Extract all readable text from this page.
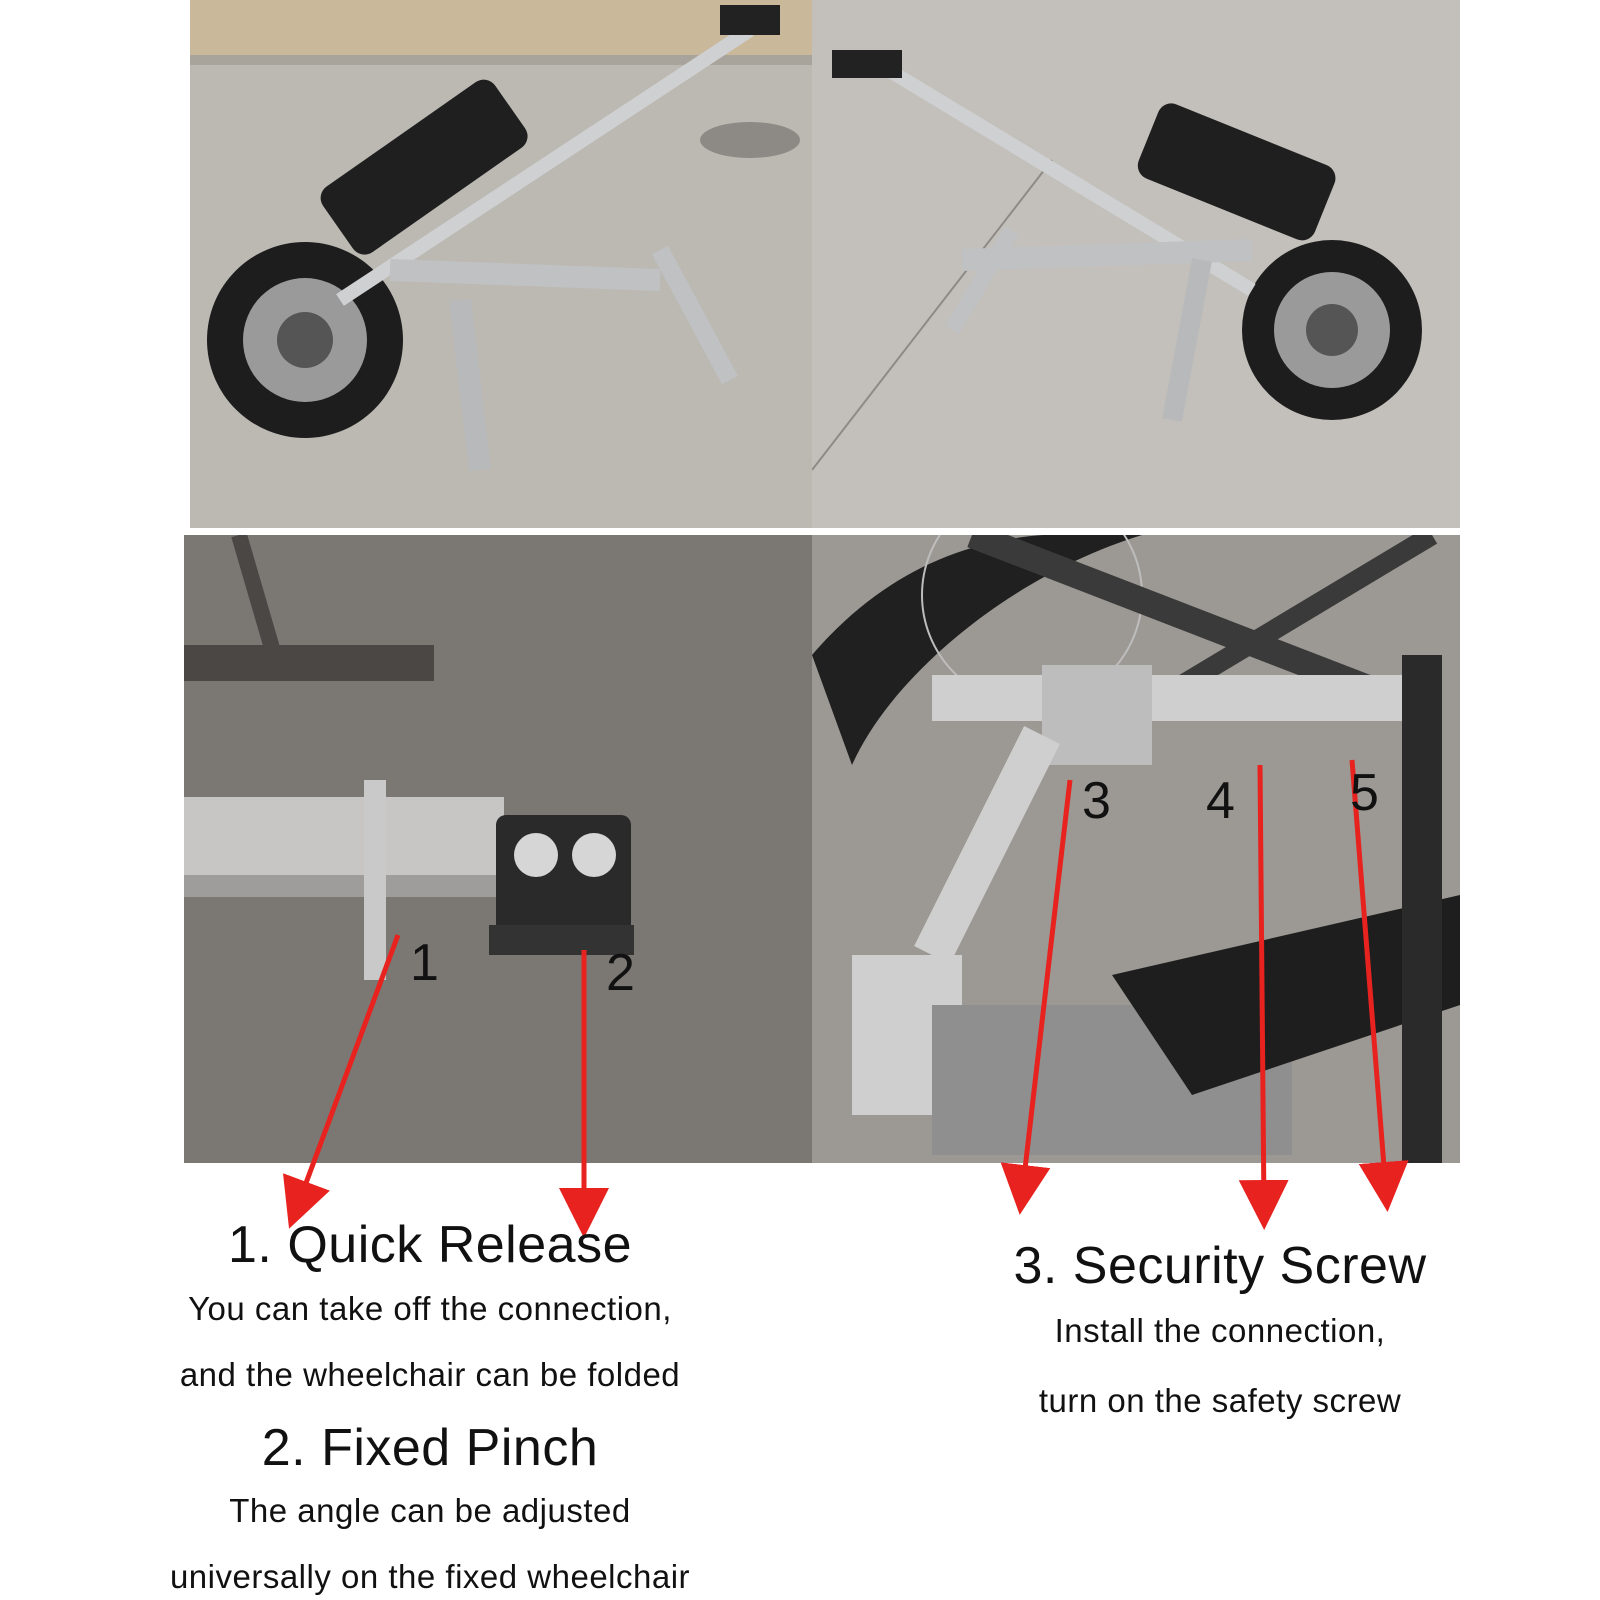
1	2
3 4 5
1. Quick Release
You can take off the connection,
and the wheelchair can be folded
2. Fixed Pinch
The angle can be adjusted
universally on the fixed wheelchair
3. Security Screw
Install the connection,
turn on the safety screw
